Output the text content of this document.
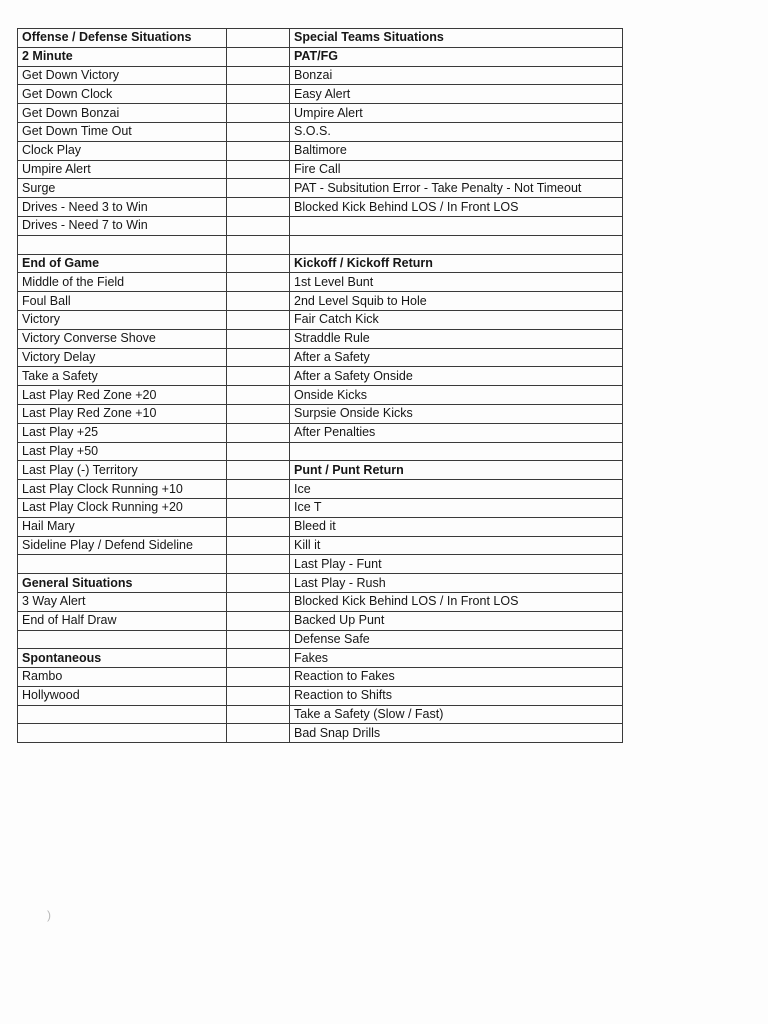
Offense / Defense Situations		Special Teams Situations
2 Minute		PAT/FG
Get Down Victory		Bonzai
Get Down Clock		Easy Alert
Get Down Bonzai		Umpire Alert
Get Down Time Out		S.O.S.
Clock Play		Baltimore
Umpire Alert		Fire Call
Surge		PAT - Subsitution Error - Take Penalty - Not Timeout
Drives - Need 3 to Win		Blocked Kick Behind LOS / In Front LOS
Drives - Need 7 to Win		

End of Game		Kickoff / Kickoff Return
Middle of the Field		1st Level Bunt
Foul Ball		2nd Level Squib to Hole
Victory		Fair Catch Kick
Victory Converse Shove		Straddle Rule
Victory Delay		After a Safety
Take a Safety		After a Safety Onside
Last Play Red Zone +20		Onside Kicks
Last Play Red Zone +10		Surpsie Onside Kicks
Last Play +25		After Penalties
Last Play +50		
Last Play (-) Territory		Punt / Punt Return
Last Play Clock Running +10		Ice
Last Play Clock Running +20		Ice T
Hail Mary		Bleed it
Sideline Play / Defend Sideline		Kill it
		Last Play - Funt
General Situations		Last Play - Rush
3 Way Alert		Blocked Kick Behind LOS / In Front LOS
End of Half Draw		Backed Up Punt
		Defense Safe
Spontaneous		Fakes
Rambo		Reaction to Fakes
Hollywood		Reaction to Shifts
		Take a Safety (Slow / Fast)
		Bad Snap Drills
)
